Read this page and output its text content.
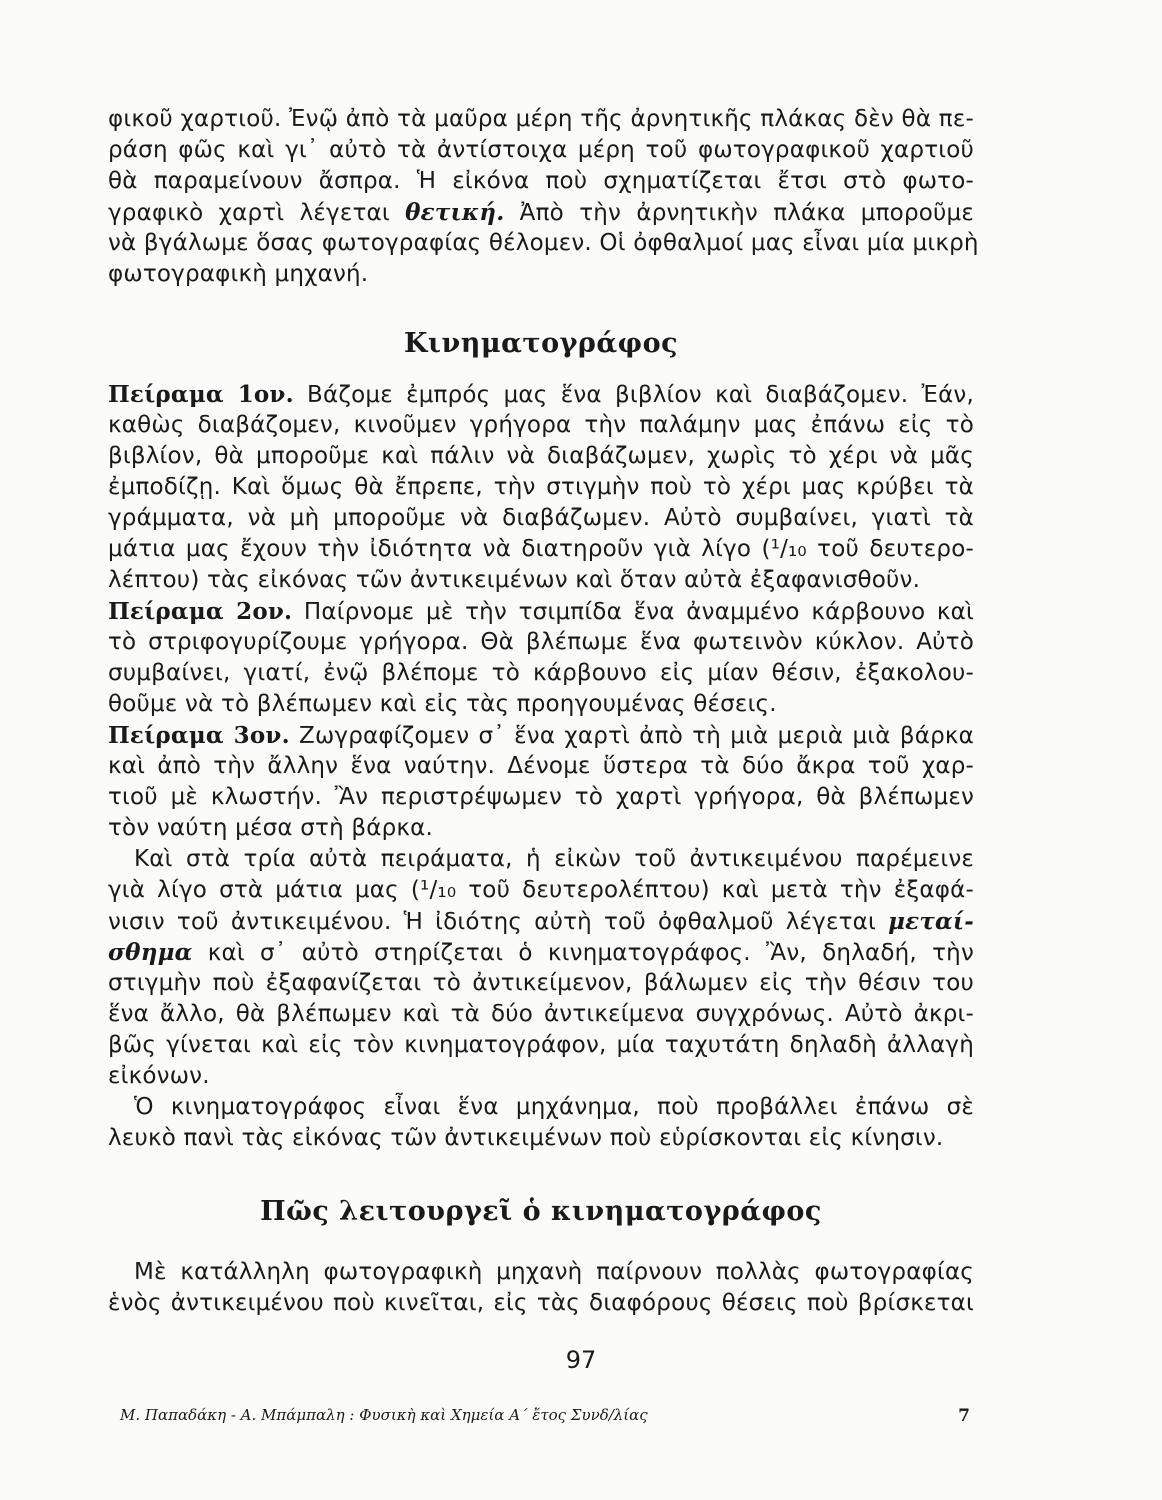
φικοῦ χαρτιοῦ. Ἐνῷ ἀπὸ τὰ μαῦρα μέρη τῆς ἀρνητικῆς πλάκας δὲν θὰ πε-
ράση φῶς καὶ γι᾽ αὐτὸ τὰ ἀντίστοιχα μέρη τοῦ φωτογραφικοῦ χαρτιοῦ
θὰ παραμείνουν ἄσπρα. Ἡ εἰκόνα ποὺ σχηματίζεται ἔτσι στὸ φωτο-
γραφικὸ χαρτὶ λέγεται θετική. Ἀπὸ τὴν ἀρνητικὴν πλάκα μποροῦμε
νὰ βγάλωμε ὅσας φωτογραφίας θέλομεν. Οἱ ὀφθαλμοί μας εἶναι μία μικρὴ
φωτογραφικὴ μηχανή.
Κινηματογράφος
Πείραμα 1ον. Βάζομε ἐμπρός μας ἕνα βιβλίον καὶ διαβάζομεν. Ἐάν,
καθὼς διαβάζομεν, κινοῦμεν γρήγορα τὴν παλάμην μας ἐπάνω εἰς τὸ
βιβλίον, θὰ μποροῦμε καὶ πάλιν νὰ διαβάζωμεν, χωρὶς τὸ χέρι νὰ μᾶς
ἐμποδίζῃ. Καὶ ὅμως θὰ ἔπρεπε, τὴν στιγμὴν ποὺ τὸ χέρι μας κρύβει τὰ
γράμματα, νὰ μὴ μποροῦμε νὰ διαβάζωμεν. Αὐτὸ συμβαίνει, γιατὶ τὰ
μάτια μας ἔχουν τὴν ἰδιότητα νὰ διατηροῦν γιὰ λίγο (¹/₁₀ τοῦ δευτερο-
λέπτου) τὰς εἰκόνας τῶν ἀντικειμένων καὶ ὅταν αὐτὰ ἐξαφανισθοῦν.
Πείραμα 2ον. Παίρνομε μὲ τὴν τσιμπίδα ἕνα ἀναμμένο κάρβουνο καὶ
τὸ στριφογυρίζουμε γρήγορα. Θὰ βλέπωμε ἕνα φωτεινὸν κύκλον. Αὐτὸ
συμβαίνει, γιατί, ἐνῷ βλέπομε τὸ κάρβουνο εἰς μίαν θέσιν, ἐξακολου-
θοῦμε νὰ τὸ βλέπωμεν καὶ εἰς τὰς προηγουμένας θέσεις.
Πείραμα 3ον. Ζωγραφίζομεν σ᾽ ἕνα χαρτὶ ἀπὸ τὴ μιὰ μεριὰ μιὰ βάρκα
καὶ ἀπὸ τὴν ἄλλην ἕνα ναύτην. Δένομε ὕστερα τὰ δύο ἄκρα τοῦ χαρ-
τιοῦ μὲ κλωστήν. Ἂν περιστρέψωμεν τὸ χαρτὶ γρήγορα, θὰ βλέπωμεν
τὸν ναύτη μέσα στὴ βάρκα.
Καὶ στὰ τρία αὐτὰ πειράματα, ἡ εἰκὼν τοῦ ἀντικειμένου παρέμεινε
γιὰ λίγο στὰ μάτια μας (¹/₁₀ τοῦ δευτερολέπτου) καὶ μετὰ τὴν ἐξαφά-
νισιν τοῦ ἀντικειμένου. Ἡ ἰδιότης αὐτὴ τοῦ ὀφθαλμοῦ λέγεται μεταί-
σθημα καὶ σ᾽ αὐτὸ στηρίζεται ὁ κινηματογράφος. Ἂν, δηλαδή, τὴν
στιγμὴν ποὺ ἐξαφανίζεται τὸ ἀντικείμενον, βάλωμεν εἰς τὴν θέσιν του
ἕνα ἄλλο, θὰ βλέπωμεν καὶ τὰ δύο ἀντικείμενα συγχρόνως. Αὐτὸ ἀκρι-
βῶς γίνεται καὶ εἰς τὸν κινηματογράφον, μία ταχυτάτη δηλαδὴ ἀλλαγὴ
εἰκόνων.
Ὁ κινηματογράφος εἶναι ἕνα μηχάνημα, ποὺ προβάλλει ἐπάνω σὲ
λευκὸ πανὶ τὰς εἰκόνας τῶν ἀντικειμένων ποὺ εὑρίσκονται εἰς κίνησιν.
Πῶς λειτουργεῖ ὁ κινηματογράφος
Μὲ κατάλληλη φωτογραφικὴ μηχανὴ παίρνουν πολλὰς φωτογραφίας
ἑνὸς ἀντικειμένου ποὺ κινεῖται, εἰς τὰς διαφόρους θέσεις ποὺ βρίσκεται
97
Μ. Παπαδάκη - Α. Μπάμπαλη : Φυσικὴ καὶ Χημεία Α΄ ἔτος Συνδ/λίας	7
